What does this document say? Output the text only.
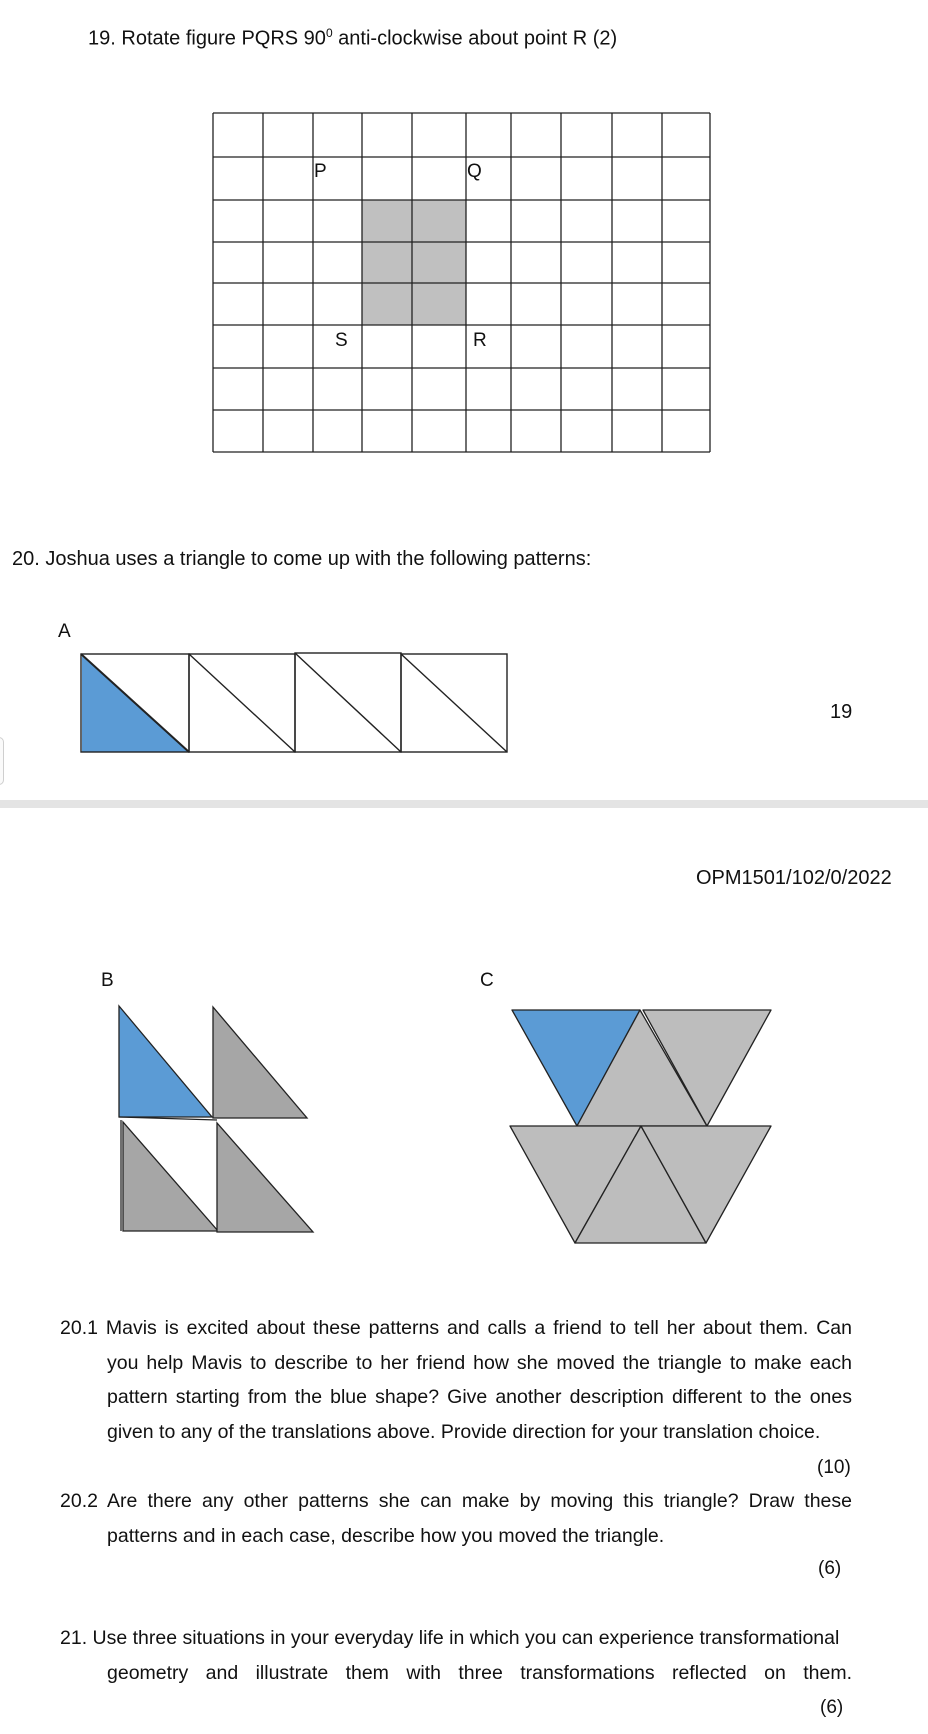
19. Rotate figure PQRS $90^0$ anti-clockwise about point R (2)
P	Q
S	R
20. Joshua uses a triangle to come up with the following patterns:
A
19
OPM1501/102/0/2022
B	C
20.1 Mavis is excited about these patterns and calls a friend to tell her about them. Can
you help Mavis to describe to her friend how she moved the triangle to make each
pattern starting from the blue shape? Give another description different to the ones
given to any of the translations above. Provide direction for your translation choice.
(10)
20.2 Are there any other patterns she can make by moving this triangle? Draw these
patterns and in each case, describe how you moved the triangle.
(6)
21. Use three situations in your everyday life in which you can experience transformational
geometry and illustrate them with three transformations reflected on them.
(6)
